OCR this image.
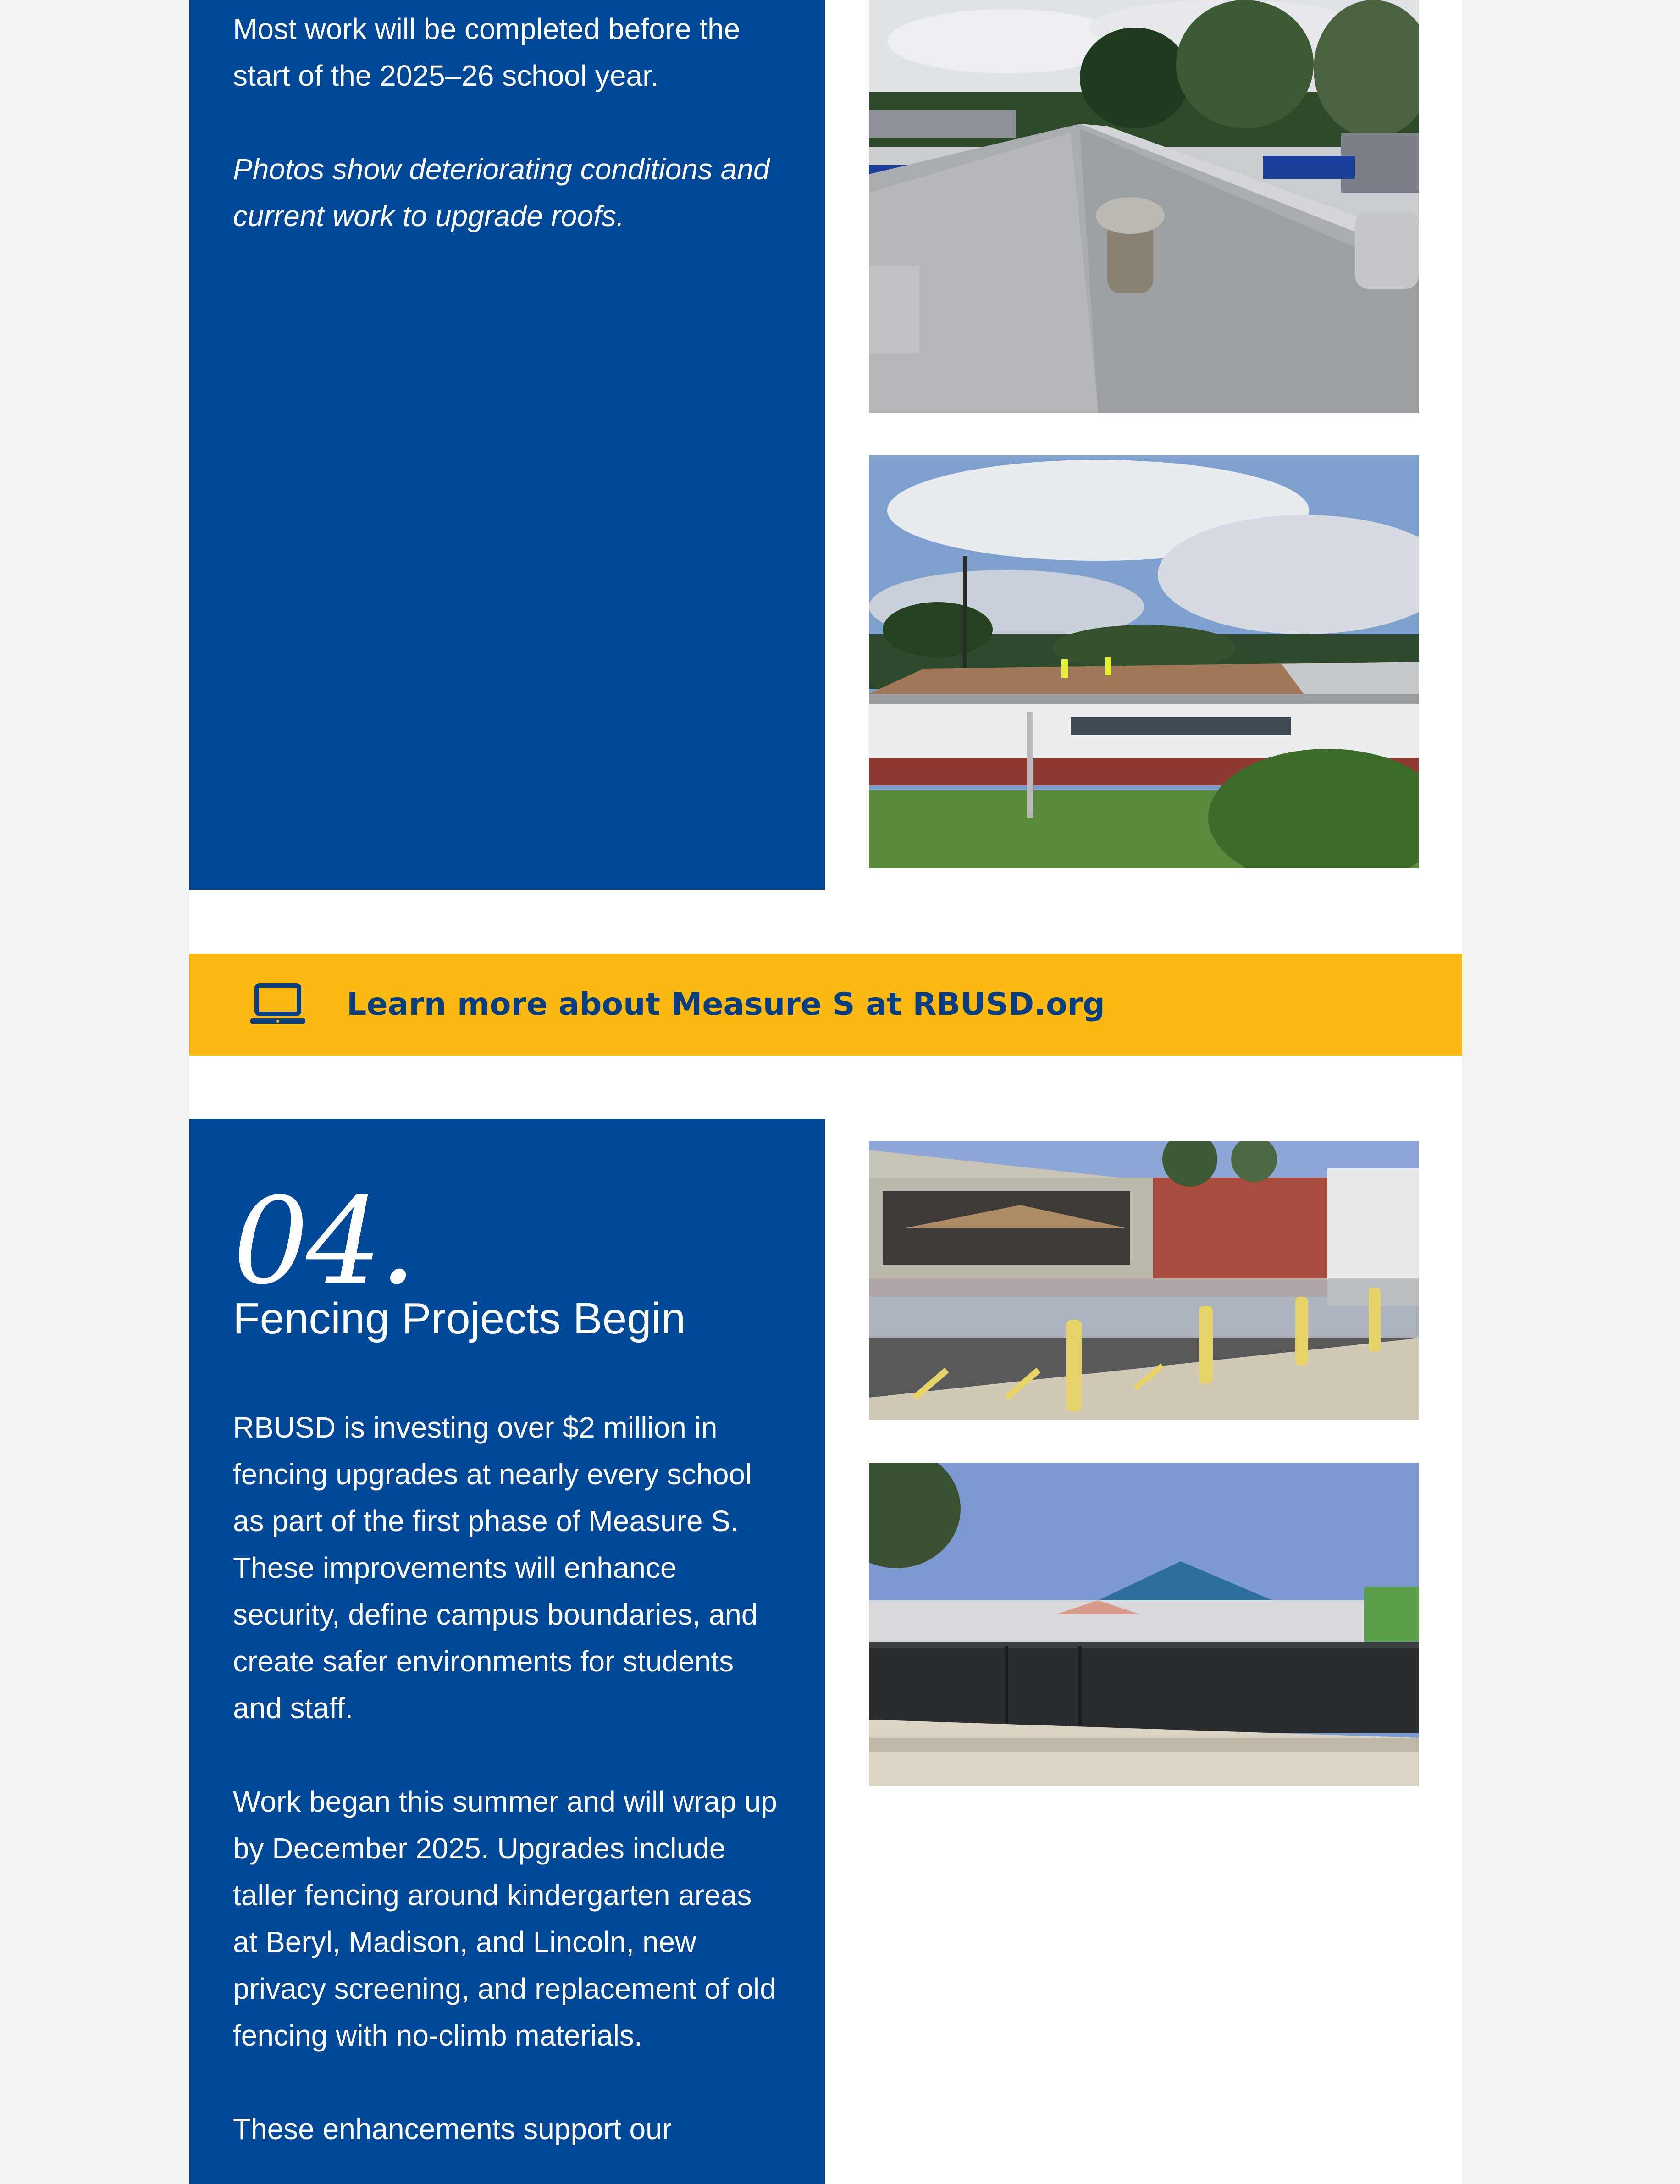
Most work will be completed before the start of the 2025–26 school year.

Photos show deteriorating conditions and current work to upgrade roofs.

Learn more about Measure S at RBUSD.org
04.
Fencing Projects Begin

RBUSD is investing over $2 million in fencing upgrades at nearly every school as part of the first phase of Measure S. These improvements will enhance security, define campus boundaries, and create safer environments for students and staff.

Work began this summer and will wrap up by December 2025. Upgrades include taller fencing around kindergarten areas at Beryl, Madison, and Lincoln, new privacy screening, and replacement of old fencing with no-climb materials.

These enhancements support our
